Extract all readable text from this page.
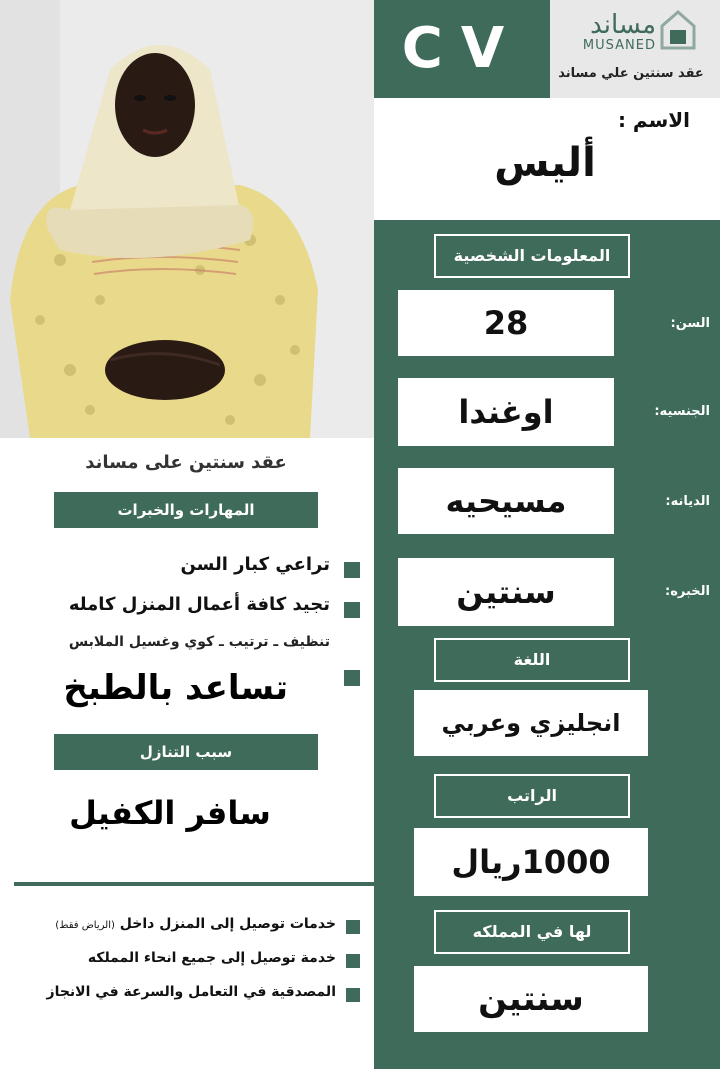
عقد سنتين على مساند
المهارات والخبرات
تراعي كبار السن
تجيد كافة أعمال المنزل كامله
تنظيف ـ ترتيب ـ كوي وغسيل الملابس
تساعد بالطبخ
سبب التنازل
سافر الكفيل
خدمات توصيل إلى المنزل داخل (الرياض فقط)
خدمة توصيل إلى جميع انحاء المملكه
المصدقية في التعامل والسرعة في الانجاز
CV	مساند
MUSANED
عقد سنتين علي مساند
الاسم :
أليس
المعلومات الشخصية
28	السن:
اوغندا	الجنسيه:
مسيحيه	الديانه:
سنتين	الخبره:
اللغة
انجليزي وعربي
الراتب
1000ريال
لها في المملكه
سنتين
